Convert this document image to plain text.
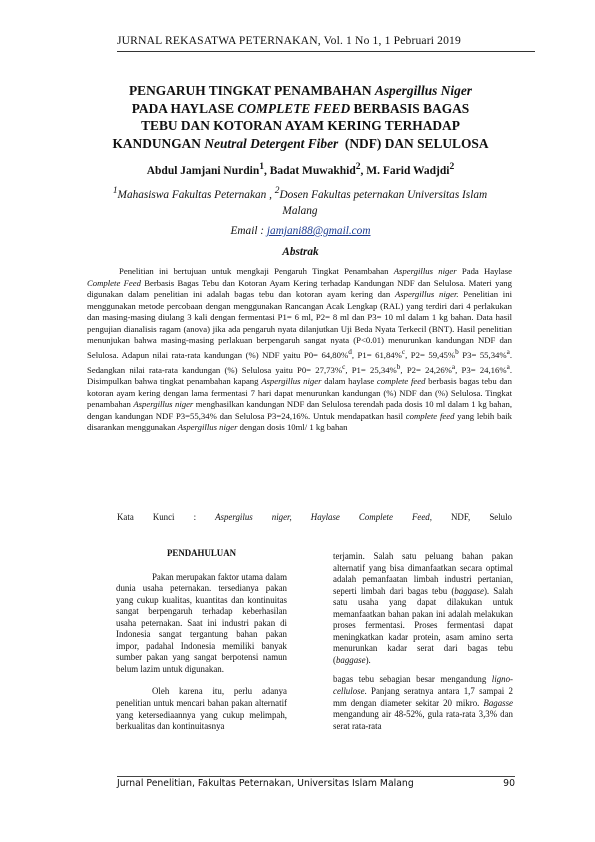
JURNAL REKASATWA PETERNAKAN, Vol. 1 No 1, 1 Pebruari 2019
PENGARUH TINGKAT PENAMBAHAN Aspergillus Niger
PADA HAYLASE COMPLETE FEED BERBASIS BAGAS
TEBU DAN KOTORAN AYAM KERING TERHADAP
KANDUNGAN Neutral Detergent Fiber  (NDF) DAN SELULOSA
Abdul Jamjani Nurdin$^1$, Badat Muwakhid$^2$, M. Farid Wadjdi$^2$
$^1$Mahasiswa Fakultas Peternakan , $^2$Dosen Fakultas peternakan Universitas Islam Malang
Email : jamjani88@gmail.com
Abstrak

Penelitian ini bertujuan untuk mengkaji Pengaruh Tingkat Penambahan Aspergillus niger Pada Haylase Complete Feed Berbasis Bagas Tebu dan Kotoran Ayam Kering terhadap Kandungan NDF dan Selulosa. Materi yang digunakan dalam penelitian ini adalah bagas tebu dan kotoran ayam kering dan Aspergillus niger. Penelitian ini menggunakan metode percobaan dengan menggunakan Rancangan Acak Lengkap (RAL) yang terdiri dari 4 perlakukan dan masing-masing diulang 3 kali dengan fermentasi P1= 6 ml, P2= 8 ml dan P3= 10 ml dalam 1 kg bahan. Data hasil pengujian dianalisis ragam (anova) jika ada pengaruh nyata dilanjutkan Uji Beda Nyata Terkecil (BNT). Hasil penelitian menunjukan bahwa masing-masing perlakuan berpengaruh sangat nyata (P<0.01) menurunkan kandungan NDF dan Selulosa. Adapun nilai rata-rata kandungan (%) NDF yaitu P0= 64,80%$^d$, P1= 61,84%$^c$, P2= 59,45%$^b$ P3= 55,34%$^a$. Sedangkan nilai rata-rata kandungan (%) Selulosa yaitu P0= 27,73%$^c$, P1= 25,34%$^b$, P2= 24,26%$^a$, P3= 24,16%$^a$. Disimpulkan bahwa tingkat penambahan kapang Aspergillus niger dalam haylase complete feed berbasis bagas tebu dan kotoran ayam kering dengan lama fermentasi 7 hari dapat menurunkan kandungan (%) NDF dan (%) Selulosa. Tingkat penambahan Aspergillus niger menghasilkan kandungan NDF dan Selulosa terendah pada dosis 10 ml dalam 1 kg bahan, dengan kandungan NDF P3=55,34% dan Selulosa P3=24,16%. Untuk mendapatkan hasil complete feed yang lebih baik disarankan menggunakan Aspergillus niger dengan dosis 10ml/ 1 kg bahan

Kata Kunci : Aspergilus niger, Haylase Complete Feed, NDF, Selulo

PENDAHULUAN

Pakan merupakan faktor utama dalam dunia usaha peternakan. tersedianya pakan yang cukup kualitas, kuantitas dan kontinuitas sangat berpengaruh terhadap keberhasilan usaha peternakan. Saat ini industri pakan di Indonesia sangat tergantung bahan pakan impor, padahal Indonesia memiliki banyak sumber pakan yang sangat berpotensi namun belum lazim untuk digunakan.

Oleh karena itu, perlu adanya penelitian untuk mencari bahan pakan alternatif yang ketersediaannya yang cukup melimpah, berkualitas dan kontinuitasnya

terjamin. Salah satu peluang bahan pakan alternatif yang bisa dimanfaatkan secara optimal adalah pemanfaatan limbah industri pertanian, seperti limbah dari bagas tebu (baggase). Salah satu usaha yang dapat dilakukan untuk memanfaatkan bahan pakan ini adalah melakukan proses fermentasi. Proses fermentasi dapat meningkatkan kadar protein, asam amino serta menurunkan kadar serat dari bagas tebu (baggase).

bagas tebu sebagian besar mengandung ligno-cellulose. Panjang seratnya antara 1,7 sampai 2 mm dengan diameter sekitar 20 mikro. Bagasse mengandung air 48-52%, gula rata-rata 3,3% dan serat rata-rata

Jurnal Penelitian, Fakultas Peternakan, Universitas Islam Malang	90
